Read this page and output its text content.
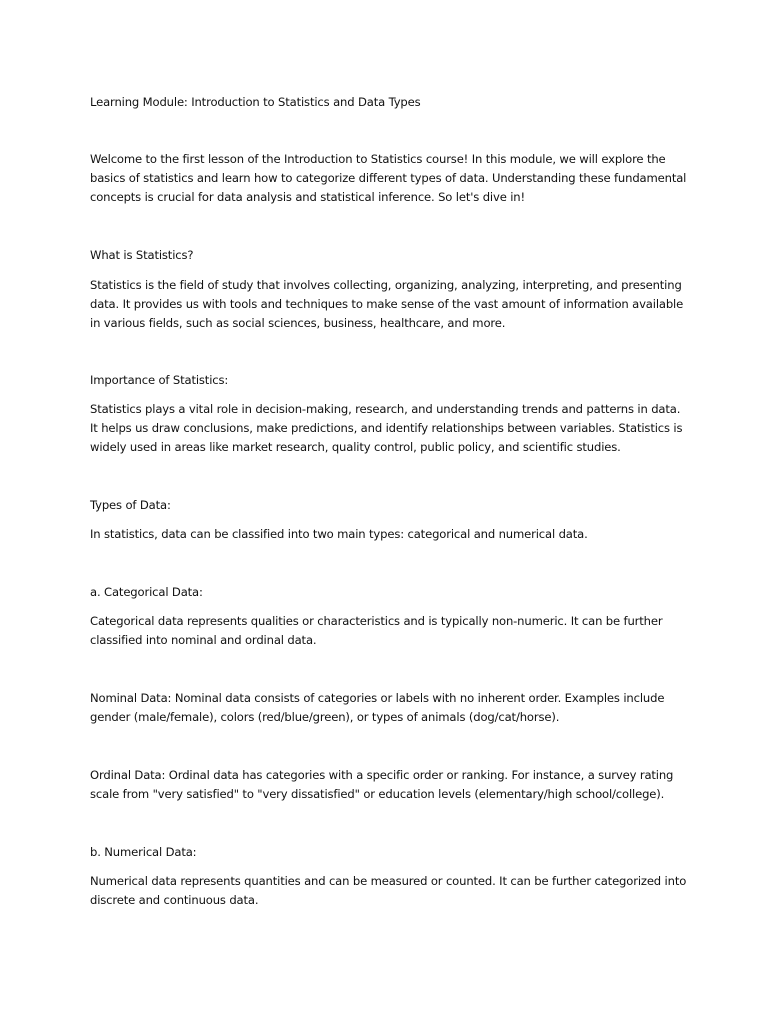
Learning Module: Introduction to Statistics and Data Types

Welcome to the first lesson of the Introduction to Statistics course! In this module, we will explore the basics of statistics and learn how to categorize different types of data. Understanding these fundamental concepts is crucial for data analysis and statistical inference. So let's dive in!

What is Statistics?

Statistics is the field of study that involves collecting, organizing, analyzing, interpreting, and presenting data. It provides us with tools and techniques to make sense of the vast amount of information available in various fields, such as social sciences, business, healthcare, and more.

Importance of Statistics:

Statistics plays a vital role in decision-making, research, and understanding trends and patterns in data. It helps us draw conclusions, make predictions, and identify relationships between variables. Statistics is widely used in areas like market research, quality control, public policy, and scientific studies.

Types of Data:

In statistics, data can be classified into two main types: categorical and numerical data.

a. Categorical Data:

Categorical data represents qualities or characteristics and is typically non-numeric. It can be further classified into nominal and ordinal data.

Nominal Data: Nominal data consists of categories or labels with no inherent order. Examples include gender (male/female), colors (red/blue/green), or types of animals (dog/cat/horse).

Ordinal Data: Ordinal data has categories with a specific order or ranking. For instance, a survey rating scale from "very satisfied" to "very dissatisfied" or education levels (elementary/high school/college).

b. Numerical Data:

Numerical data represents quantities and can be measured or counted. It can be further categorized into discrete and continuous data.
